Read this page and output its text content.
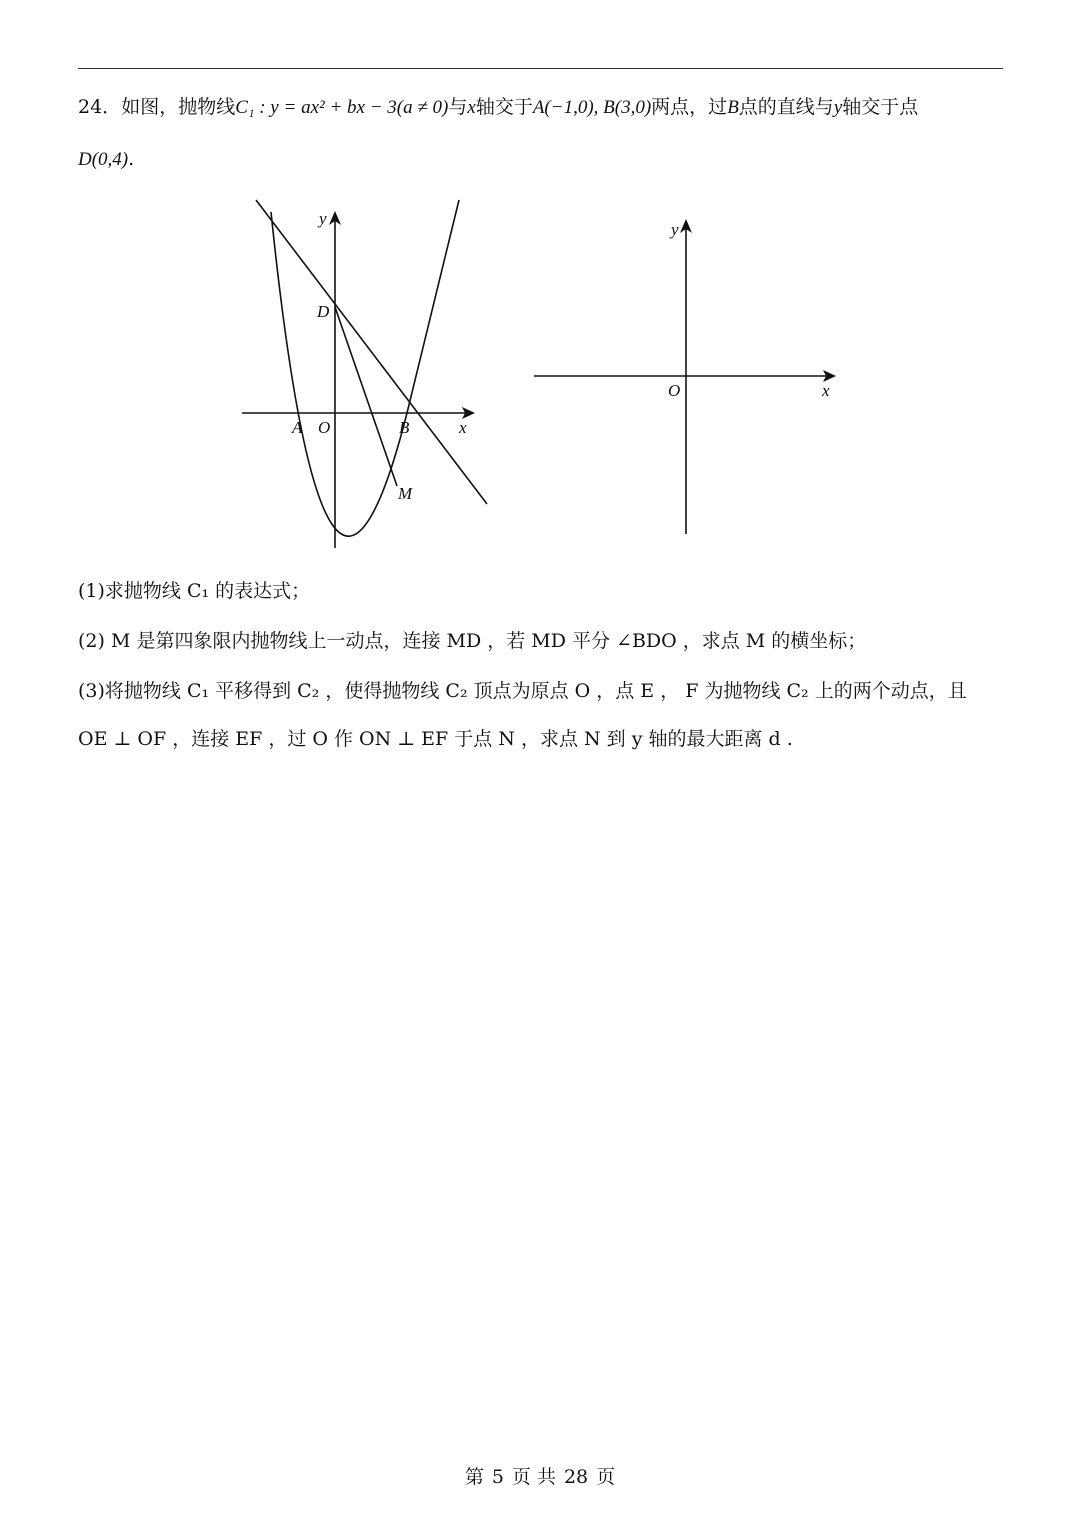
24．如图，抛物线C₁ : y = ax² + bx − 3(a ≠ 0)与x轴交于A(−1,0), B(3,0)两点，过B点的直线与y轴交于点
D(0,4).
y
x
D
A O	B
M
y
x
O
(1)求抛物线 C₁ 的表达式；
(2) M 是第四象限内抛物线上一动点，连接 MD ，若 MD 平分 ∠BDO ，求点 M 的横坐标；
(3)将抛物线 C₁ 平移得到 C₂ ，使得抛物线 C₂ 顶点为原点 O ，点 E ， F 为抛物线 C₂ 上的两个动点，且
OE ⊥ OF ，连接 EF ，过 O 作 ON ⊥ EF 于点 N ，求点 N 到 y 轴的最大距离 d .
第 5 页 共 28 页
